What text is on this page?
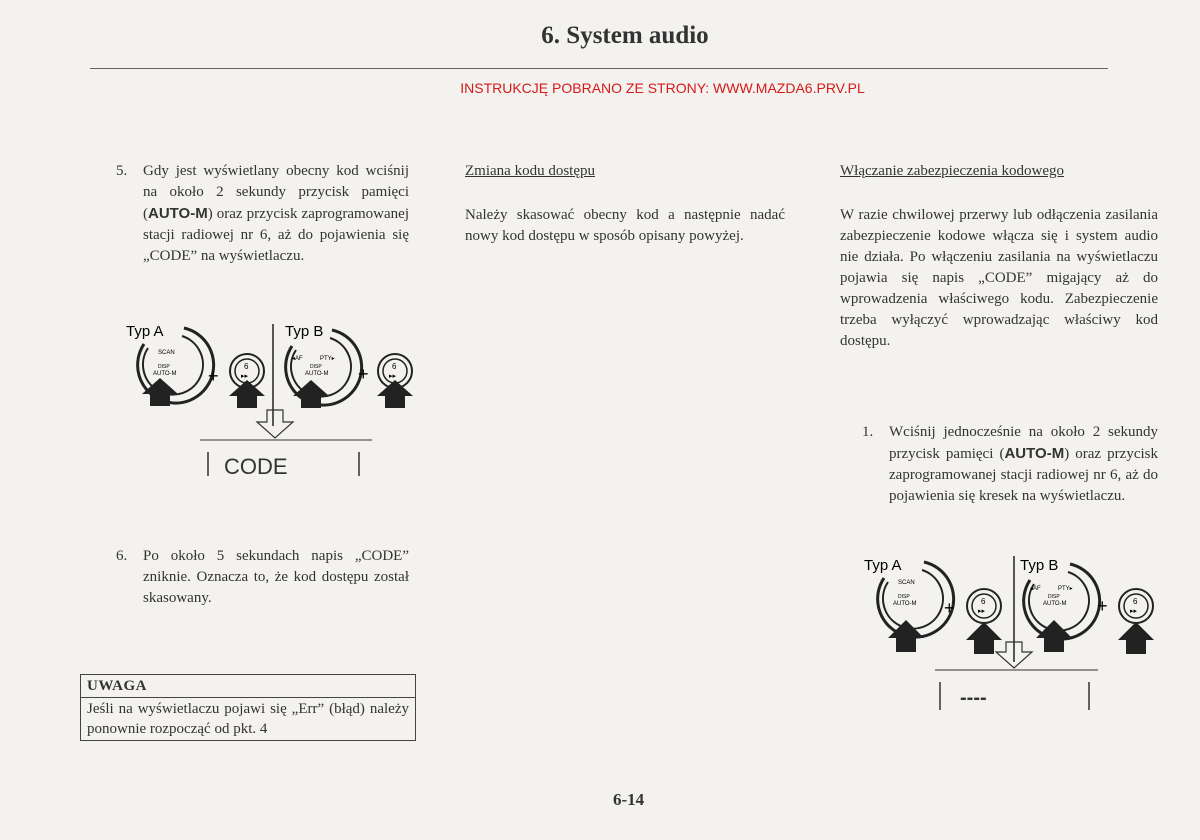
6. System audio
INSTRUKCJĘ POBRANO ZE STRONY: WWW.MAZDA6.PRV.PL
5.	Gdy jest wyświetlany obecny kod wciśnij na około 2 sekundy przycisk pamięci (AUTO-M) oraz przycisk zaprogramowanej stacji radiowej nr 6, aż do pojawienia się „CODE” na wyświetlaczu.
Typ A
SCAN
DISP
AUTO-M +	6
▸▸
Typ B
◂AF	PTY▸
DISP
AUTO-M +	6
▸▸
CODE
6.	Po około 5 sekundach napis „CODE” zniknie. Oznacza to, że kod dostępu został skasowany.
UWAGA
Jeśli na wyświetlaczu pojawi się „Err” (błąd) należy ponownie rozpocząć od pkt. 4
Zmiana kodu dostępu
Należy skasować obecny kod a następnie nadać nowy kod dostępu w sposób opisany powyżej.
Włączanie zabezpieczenia kodowego
W razie chwilowej przerwy lub odłączenia zasilania zabezpieczenie kodowe włącza się i system audio nie działa. Po włączeniu zasilania na wyświetlaczu pojawia się napis „CODE” migający aż do wprowadzenia właściwego kodu. Zabezpieczenie trzeba wyłączyć wprowadzając właściwy kod dostępu.
1.	Wciśnij jednocześnie na około 2 sekundy przycisk pamięci (AUTO-M) oraz przycisk zaprogramowanej stacji radiowej nr 6, aż do pojawienia się kresek na wyświetlaczu.
Typ A
SCAN
DISP
AUTO-M +	6
▸▸
Typ B
◂AF	PTY▸
DISP
AUTO-M +	6
▸▸
----
6-14
